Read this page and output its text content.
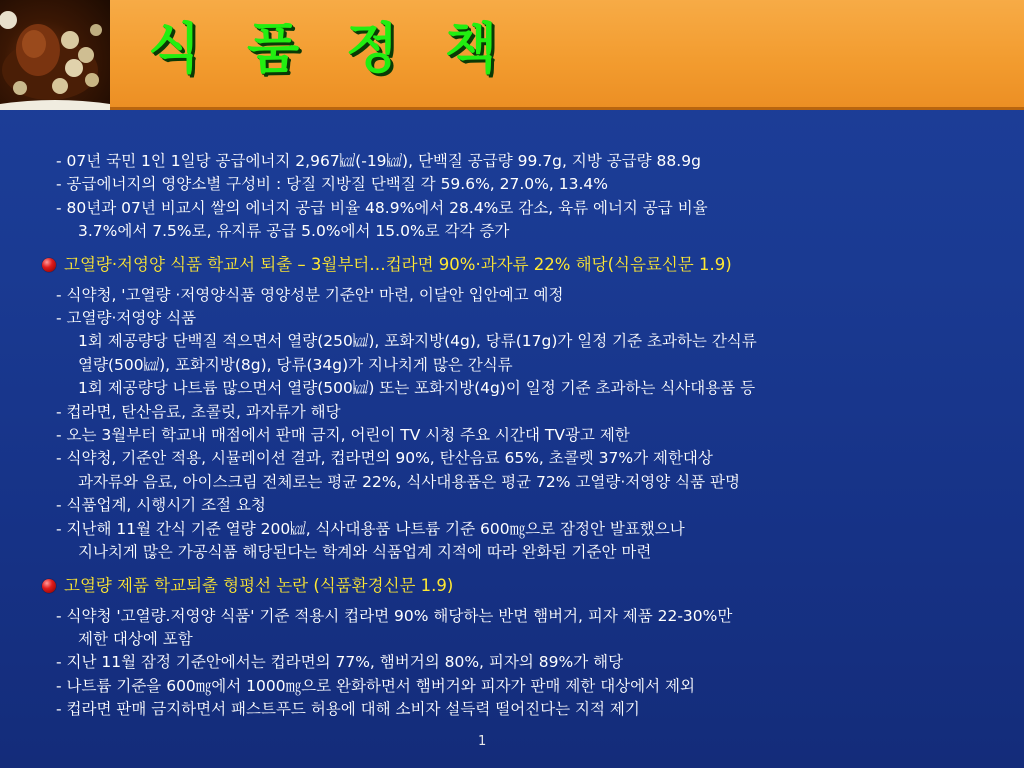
식 품 정 책
- 07년 국민 1인 1일당 공급에너지 2,967㎉(-19㎉), 단백질 공급량 99.7g, 지방 공급량 88.9g
- 공급에너지의 영양소별 구성비 : 당질 지방질 단백질 각 59.6%, 27.0%, 13.4%
- 80년과 07년 비교시 쌀의 에너지 공급 비율 48.9%에서 28.4%로 감소, 육류 에너지 공급 비율
3.7%에서 7.5%로, 유지류 공급 5.0%에서 15.0%로 각각 증가
고열량·저영양 식품 학교서 퇴출 – 3월부터…컵라면 90%·과자류 22% 해당(식음료신문 1.9)
- 식약청, '고열량 ·저영양식품 영양성분 기준안' 마련, 이달안 입안예고 예정
- 고열량·저영양 식품
1회 제공량당 단백질 적으면서 열량(250㎉), 포화지방(4g), 당류(17g)가 일정 기준 초과하는 간식류
열량(500㎉), 포화지방(8g), 당류(34g)가 지나치게 많은 간식류
1회 제공량당 나트륨 많으면서 열량(500㎉) 또는 포화지방(4g)이 일정 기준 초과하는 식사대용품 등
- 컵라면, 탄산음료, 초콜릿, 과자류가 해당
- 오는 3월부터 학교내 매점에서 판매 금지, 어린이 TV 시청 주요 시간대 TV광고 제한
- 식약청, 기준안 적용, 시뮬레이션 결과, 컵라면의 90%, 탄산음료 65%, 초콜렛 37%가 제한대상
과자류와 음료, 아이스크림 전체로는 평균 22%, 식사대용품은 평균 72% 고열량·저영양 식품 판명
- 식품업계, 시행시기 조절 요청
- 지난해 11월 간식 기준 열량 200㎉, 식사대용품 나트륨 기준 600㎎으로 잠정안 발표했으나
지나치게 많은 가공식품 해당된다는 학계와 식품업계 지적에 따라 완화된 기준안 마련
고열량 제품 학교퇴출 형평선 논란 (식품환경신문 1.9)
- 식약청 '고열량.저영양 식품' 기준 적용시 컵라면 90% 해당하는 반면 햄버거, 피자 제품 22-30%만
제한 대상에 포함
- 지난 11월 잠정 기준안에서는 컵라면의 77%, 햄버거의 80%, 피자의 89%가 해당
- 나트륨 기준을 600㎎에서 1000㎎으로 완화하면서 햄버거와 피자가 판매 제한 대상에서 제외
- 컵라면 판매 금지하면서 패스트푸드 허용에 대해 소비자 설득력 떨어진다는 지적 제기
1
